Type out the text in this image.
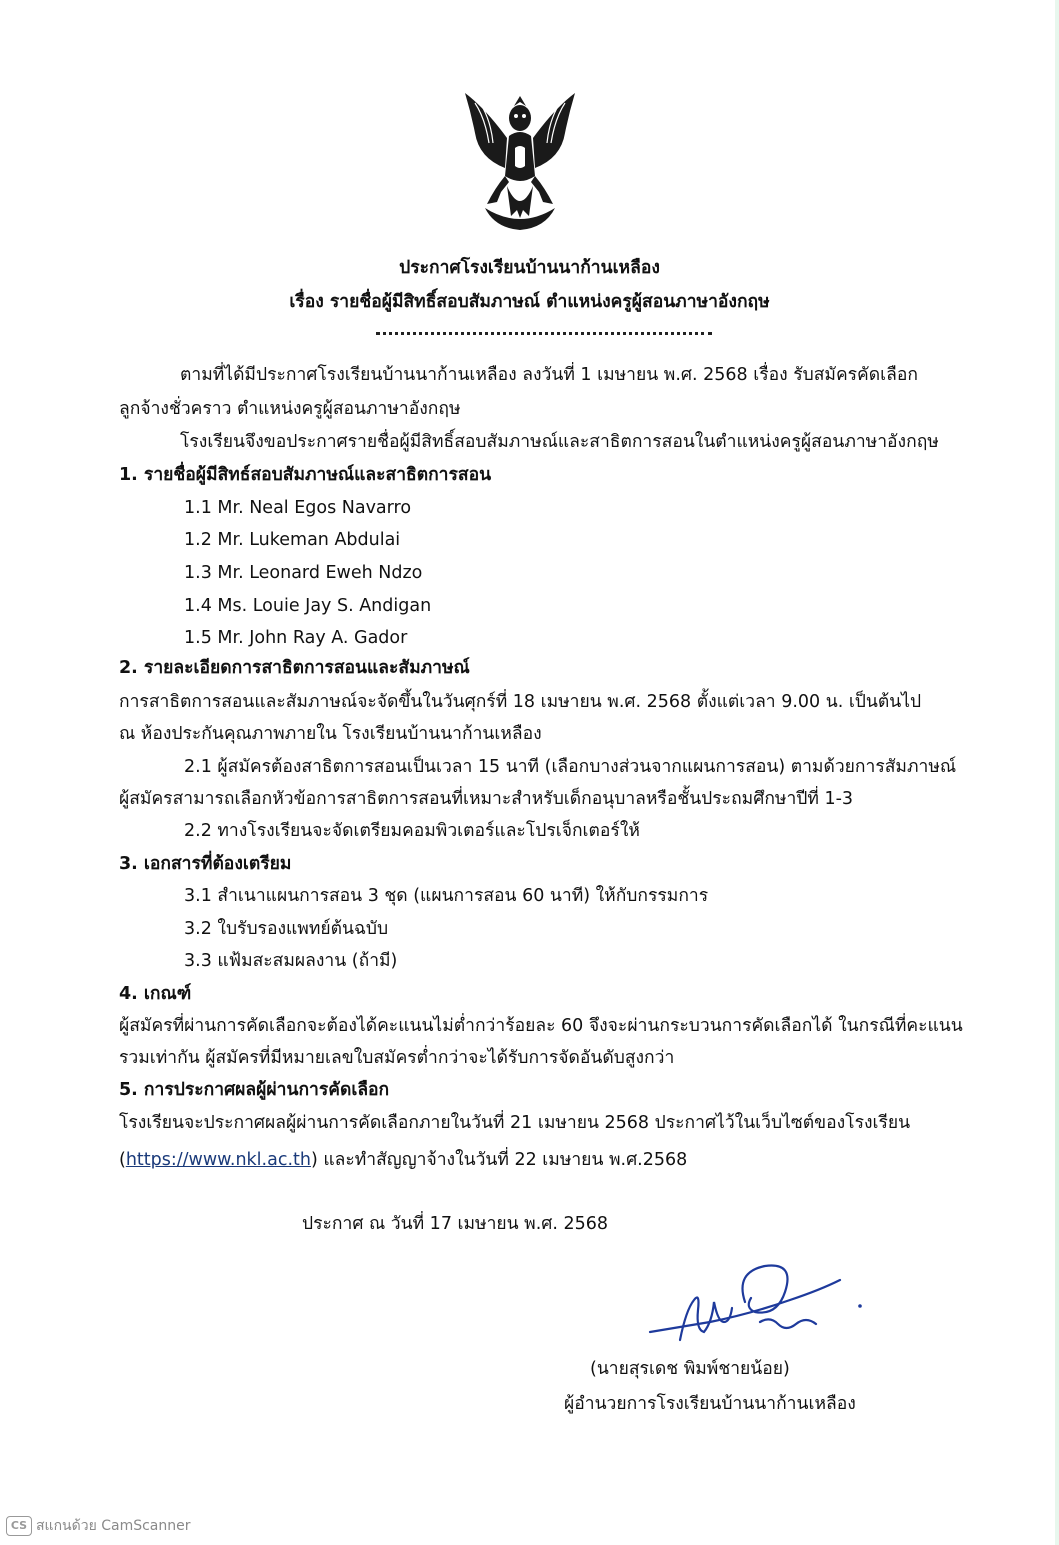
ประกาศโรงเรียนบ้านนาก้านเหลือง
เรื่อง รายชื่อผู้มีสิทธิ์สอบสัมภาษณ์ ตำแหน่งครูผู้สอนภาษาอังกฤษ
ตามที่ได้มีประกาศโรงเรียนบ้านนาก้านเหลือง ลงวันที่ 1 เมษายน พ.ศ. 2568 เรื่อง รับสมัครคัดเลือก
ลูกจ้างชั่วคราว ตำแหน่งครูผู้สอนภาษาอังกฤษ
โรงเรียนจึงขอประกาศรายชื่อผู้มีสิทธิ์สอบสัมภาษณ์และสาธิตการสอนในตำแหน่งครูผู้สอนภาษาอังกฤษ
1. รายชื่อผู้มีสิทธ์สอบสัมภาษณ์และสาธิตการสอน
1.1 Mr. Neal Egos Navarro
1.2 Mr. Lukeman Abdulai
1.3 Mr. Leonard Eweh Ndzo
1.4 Ms. Louie Jay S. Andigan
1.5 Mr. John Ray A. Gador
2. รายละเอียดการสาธิตการสอนและสัมภาษณ์
การสาธิตการสอนและสัมภาษณ์จะจัดขึ้นในวันศุกร์ที่ 18 เมษายน พ.ศ. 2568 ตั้งแต่เวลา 9.00 น. เป็นต้นไป
ณ ห้องประกันคุณภาพภายใน โรงเรียนบ้านนาก้านเหลือง
2.1 ผู้สมัครต้องสาธิตการสอนเป็นเวลา 15 นาที (เลือกบางส่วนจากแผนการสอน) ตามด้วยการสัมภาษณ์
ผู้สมัครสามารถเลือกหัวข้อการสาธิตการสอนที่เหมาะสำหรับเด็กอนุบาลหรือชั้นประถมศึกษาปีที่ 1-3
2.2 ทางโรงเรียนจะจัดเตรียมคอมพิวเตอร์และโปรเจ็กเตอร์ให้
3. เอกสารที่ต้องเตรียม
3.1 สำเนาแผนการสอน 3 ชุด (แผนการสอน 60 นาที) ให้กับกรรมการ
3.2 ใบรับรองแพทย์ต้นฉบับ
3.3 แฟ้มสะสมผลงาน (ถ้ามี)
4. เกณฑ์
ผู้สมัครที่ผ่านการคัดเลือกจะต้องได้คะแนนไม่ต่ำกว่าร้อยละ 60 จึงจะผ่านกระบวนการคัดเลือกได้ ในกรณีที่คะแนน
รวมเท่ากัน ผู้สมัครที่มีหมายเลขใบสมัครต่ำกว่าจะได้รับการจัดอันดับสูงกว่า
5. การประกาศผลผู้ผ่านการคัดเลือก
โรงเรียนจะประกาศผลผู้ผ่านการคัดเลือกภายในวันที่ 21 เมษายน 2568 ประกาศไว้ในเว็บไซต์ของโรงเรียน
(https://www.nkl.ac.th) และทำสัญญาจ้างในวันที่ 22 เมษายน พ.ศ.2568
ประกาศ ณ วันที่ 17 เมษายน พ.ศ. 2568
(นายสุรเดช พิมพ์ชายน้อย)
ผู้อำนวยการโรงเรียนบ้านนาก้านเหลือง
CS สแกนด้วย CamScanner
